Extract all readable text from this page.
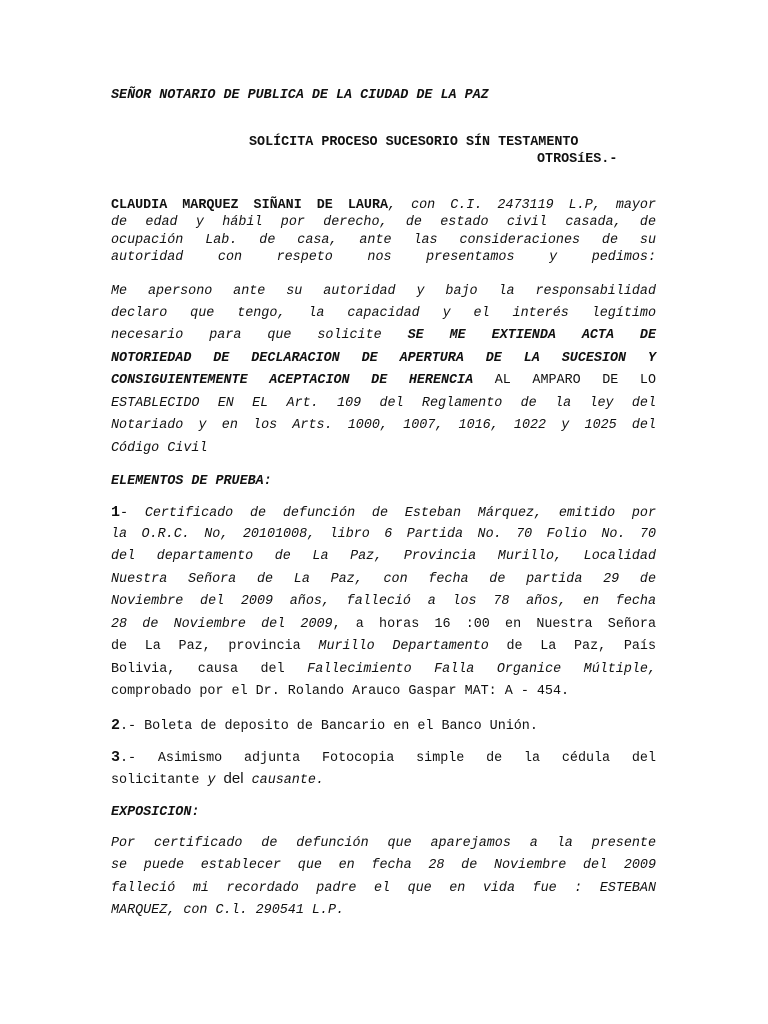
SEÑOR NOTARIO DE PUBLICA DE LA CIUDAD DE LA PAZ
SOLÍCITA PROCESO SUCESORIO SÍN TESTAMENTO
OTROSíES.-
CLAUDIA MARQUEZ SIÑANI DE LAURA, con C.I. 2473119 L.P, mayor
de edad y hábil por derecho, de estado civil casada, de
ocupación Lab. de casa, ante las consideraciones de su
autoridad con respeto nos presentamos y pedimos:
Me apersono ante su autoridad y bajo la responsabilidad
declaro que tengo, la capacidad y el interés legítimo
necesario para que solicite SE ME EXTIENDA ACTA DE
NOTORIEDAD DE DECLARACION DE APERTURA DE LA SUCESION Y
CONSIGUIENTEMENTE ACEPTACION DE HERENCIA AL AMPARO DE LO
ESTABLECIDO EN EL Art. 109 del Reglamento de la ley del
Notariado y en los Arts. 1000, 1007, 1016, 1022 y 1025 del
Código Civil
ELEMENTOS DE PRUEBA:
1- Certificado de defunción de Esteban Márquez, emitido por
la O.R.C. No, 20101008, libro 6 Partida No. 70 Folio No. 70
del departamento de La Paz, Provincia Murillo, Localidad
Nuestra Señora de La Paz, con fecha de partida 29 de
Noviembre del 2009 años, falleció a los 78 años, en fecha
28 de Noviembre del 2009, a horas 16 :00 en Nuestra Señora
de La Paz, provincia Murillo Departamento de La Paz, País
Bolivia, causa del Fallecimiento Falla Organice Múltiple,
comprobado por el Dr. Rolando Arauco Gaspar MAT: A - 454.
2.- Boleta de deposito de Bancario en el Banco Unión.
3.- Asimismo adjunta Fotocopia simple de la cédula del
solicitante y del causante.
EXPOSICION:
Por certificado de defunción que aparejamos a la presente
se puede establecer que en fecha 28 de Noviembre del 2009
falleció mi recordado padre el que en vida fue : ESTEBAN
MARQUEZ, con C.l. 290541 L.P.
